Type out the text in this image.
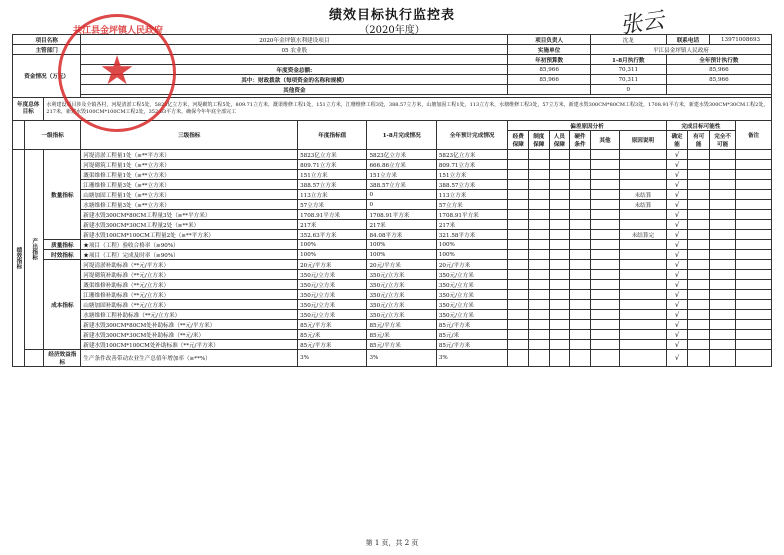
绩效目标执行监控表
（2020年度）	张云
项目名称			2020年金坪镇水利建设项目				项目负责人				沈龙		联系电话		13971008693	
主管部门			05 农业股				实施单位				平江县金坪镇人民政府					
资金情况（万元）							年初预算数				1-8月执行数		全年预计执行数			
			年度资金总额:				85,966				70,311		85,966			
			其中：财政拨款（每项资金的名称和规模）				85,966				70,311		85,966			
			其他资金								0					

年度总体目标		水利建设项目涉及全镇各村，河堤清淤工程5处，5823亿立方米，河堤砌筑工程5处，809.71立方米，溉渠维修工程1处，151立方米，江珊维修工程3处，388.57立方米，山塘加固工程1处，113立方米，水塘维修工程3处，57立方米，新建水毁300CM*80CM工程3处，1708.91平方米，新建水毁300CM*30CM工程2处，217米，新建水毁100CM*100CM工程2处，352.63平方米，确保今年年底全部完工														
	一级指标		三级指标	年度指标值	1-8月完成情况	全年预计完成情况	偏差原因分析						完成目标可能性			备注
							经费保障	制度保障	人员保障	硬件条件	其他	原因说明	确定能	有可能	完全不可能	
绩效指标	产出指标	数量指标	河堤清淤工程量1处（≥**平方米）	5823亿立方米	5823亿立方米	5823亿立方米							√			
			河堤砌筑工程量1处（≥**立方米）	809.71立方米	666.86立方米	809.71立方米							√			
			溉渠维修工程量1处（≥**立方米）	151立方米	151立方米	151立方米							√			
			江珊维修工程量3处（≥**立方米）	388.57立方米	388.57立方米	388.57立方米							√			
			山塘加固工程量1处（≥**立方米）	113立方米	0	113立方米						未结算	√			
			水塘维修工程量3处（≥**立方米）	57立方米	0	57立方米						未结算	√			
			新建水毁300CM*80CM工程量3处（≥**平方米）	1708.91平方米	1708.91平方米	1708.91平方米							√			
			新建水毁300CM*30CM工程量2处（≥**米）	217米	217米	217米							√			
			新建水毁100CM*100CM工程量2处（≥**平方米）	352.63平方米	84.08平方米	321.58平方米						未结算完	√			
		质量指标	★项目（工程）验收合格率（≥90%）	100%	100%	100%							√			
		时效指标	★项目（工程）完成及时率（≥90%）	100%	100%	100%							√			
		成本指标	河堤清淤补助标准（**元/平方米）	20元/平方米	20元/平方米	20元/平方米							√			
			河堤砌筑补助标准（**元/立方米）	350元/立方米	350元/立方米	350元/立方米							√			
			溉渠维修补助标准（**元/立方米）	350元/立方米	350元/立方米	350元/立方米							√			
			江珊维修补助标准（**元/立方米）	350元/立方米	350元/立方米	350元/立方米							√			
			山塘加固补助标准（**元/立方米）	350元/立方米	350元/立方米	350元/立方米							√			
			水塘维修工程补助标准（**元/立方米）	350元/立方米	350元/立方米	350元/立方米							√			
			新建水毁300CM*80CM处补助标准（**元/平方米）	85元/平方米	85元/平方米	85元/平方米							√			
			新建水毁300CM*30CM处补助标准（**元/米）	85元/米	85元/米	85元/米							√			
			新建水毁100CM*100CM处补助标准（**元/平方米）	85元/平方米	85元/平方米	85元/平方米							√			
		经济效益指标	生产条件改善带动农业生产总值年增加率（≥**%）	3%	3%	3%							√			
共江县金坪镇人民政府
★
第 1 页，共 2 页
